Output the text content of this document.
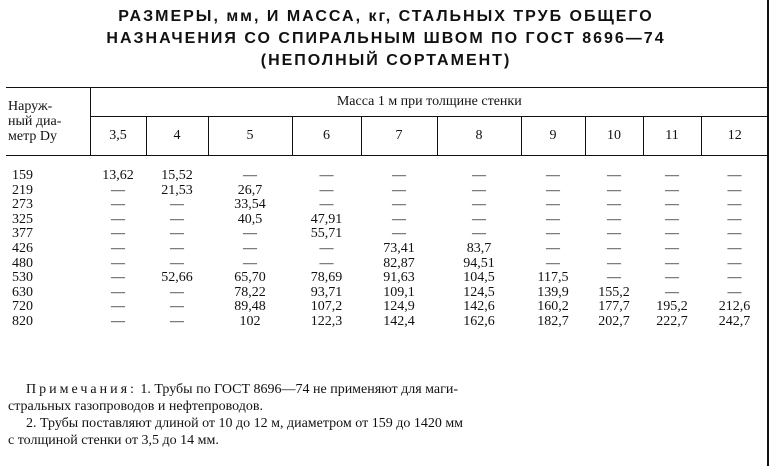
РАЗМЕРЫ, мм, И МАССА, кг, СТАЛЬНЫХ ТРУБ ОБЩЕГО
НАЗНАЧЕНИЯ СО СПИРАЛЬНЫМ ШВОМ ПО ГОСТ 8696—74
(НЕПОЛНЫЙ СОРТАМЕНТ)
Наруж-
ный диа-
метр Dу	Масса 1 м при толщине стенки									
	3,5	4	5	6	7	8	9	10	11	12

159	13,62	15,52	—	—	—	—	—	—	—	—
219	—	21,53	26,7	—	—	—	—	—	—	—
273	—	—	33,54	—	—	—	—	—	—	—
325	—	—	40,5	47,91	—	—	—	—	—	—
377	—	—	—	55,71	—	—	—	—	—	—
426	—	—	—	—	73,41	83,7	—	—	—	—
480	—	—	—	—	82,87	94,51	—	—	—	—
530	—	52,66	65,70	78,69	91,63	104,5	117,5	—	—	—
630	—	—	78,22	93,71	109,1	124,5	139,9	155,2	—	—
720	—	—	89,48	107,2	124,9	142,6	160,2	177,7	195,2	212,6
820	—	—	102	122,3	142,4	162,6	182,7	202,7	222,7	242,7
Примечания: 1. Трубы по ГОСТ 8696—74 не применяют для маги-
стральных газопроводов и нефтепроводов.
2. Трубы поставляют длиной от 10 до 12 м, диаметром от 159 до 1420 мм
с толщиной стенки от 3,5 до 14 мм.
